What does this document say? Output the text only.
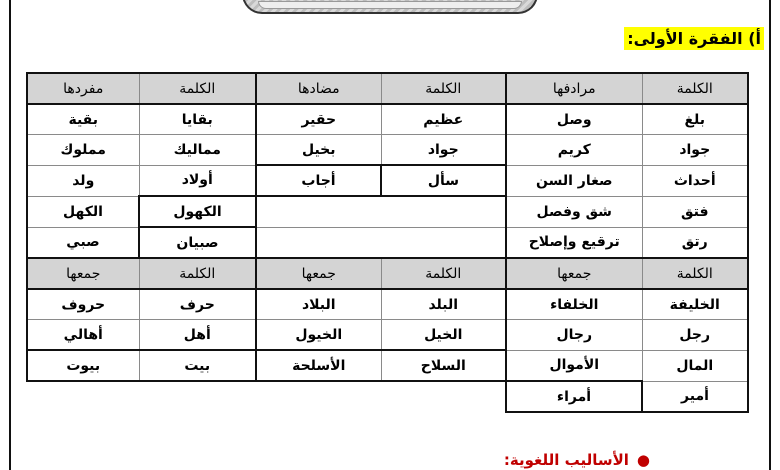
أ) الفقرة الأولى:
الكلمة	مرادفها	الكلمة	مضادها	الكلمة	مفردها
بلغ	وصل	عظيم	حقير	بقايا	بقية
جواد	كريم	جواد	بخيل	مماليك	مملوك
أحداث	صغار السن	سأل	أجاب	أولاد	ولد
فتق	شق وفصل			الكهول	الكهل
رتق	ترقيع وإصلاح			صبيان	صبي
الكلمة	جمعها	الكلمة	جمعها	الكلمة	جمعها
الخليفة	الخلفاء	البلد	البلاد	حرف	حروف
رجل	رجال	الخيل	الخيول	أهل	أهالي
المال	الأموال	السلاح	الأسلحة	بيت	بيوت
أمير	أمراء				
●الأساليب اللغوية:
